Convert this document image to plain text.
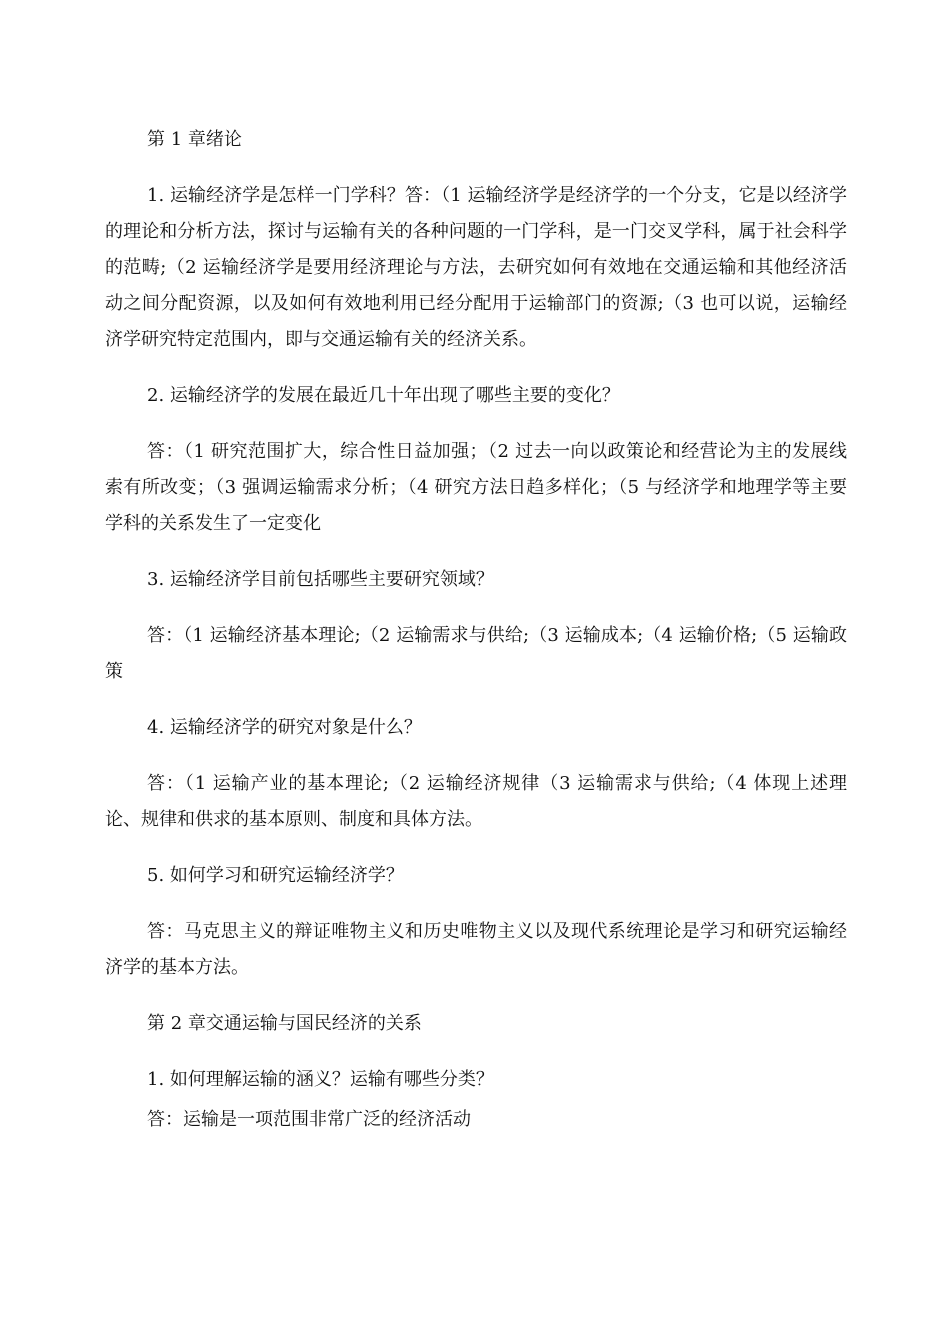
第 1 章绪论

1. 运输经济学是怎样一门学科？答：（1 运输经济学是经济学的一个分支，它是以经济学的理论和分析方法，探讨与运输有关的各种问题的一门学科，是一门交叉学科，属于社会科学的范畴;（2 运输经济学是要用经济理论与方法，去研究如何有效地在交通运输和其他经济活动之间分配资源，以及如何有效地利用已经分配用于运输部门的资源;（3 也可以说，运输经济学研究特定范围内，即与交通运输有关的经济关系。

2. 运输经济学的发展在最近几十年出现了哪些主要的变化？

答：（1 研究范围扩大，综合性日益加强；（2 过去一向以政策论和经营论为主的发展线索有所改变；（3 强调运输需求分析；（4 研究方法日趋多样化；（5 与经济学和地理学等主要学科的关系发生了一定变化

3. 运输经济学目前包括哪些主要研究领域？

答：（1 运输经济基本理论;（2 运输需求与供给;（3 运输成本;（4 运输价格;（5 运输政策

4. 运输经济学的研究对象是什么？

答：（1 运输产业的基本理论;（2 运输经济规律（3 运输需求与供给;（4 体现上述理论、规律和供求的基本原则、制度和具体方法。

5. 如何学习和研究运输经济学？

答：马克思主义的辩证唯物主义和历史唯物主义以及现代系统理论是学习和研究运输经济学的基本方法。

第 2 章交通运输与国民经济的关系

1. 如何理解运输的涵义？运输有哪些分类？

答：运输是一项范围非常广泛的经济活动
